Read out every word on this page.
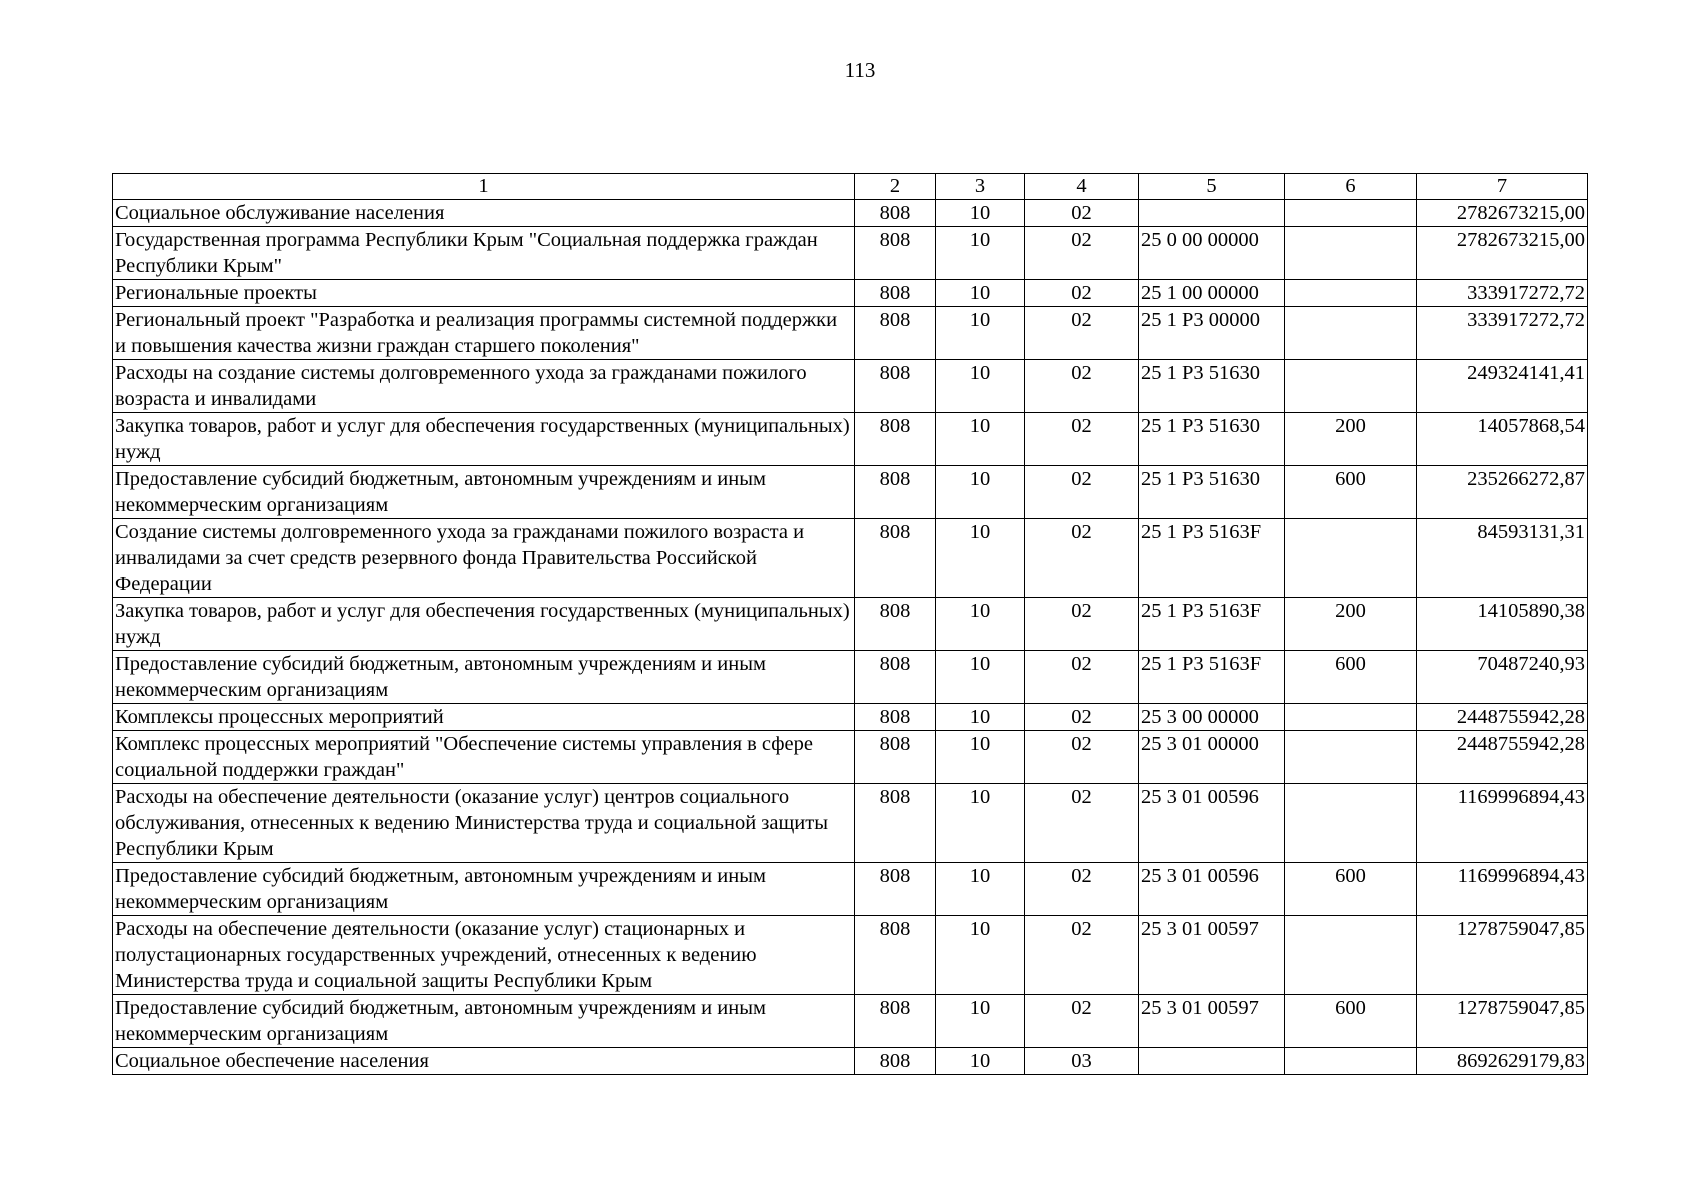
113
1	2	3	4	5	6	7
Социальное обслуживание населения	808	10	02			2782673215,00
Государственная программа Республики Крым "Социальная поддержка граждан Республики Крым"	808	10	02	25 0 00 00000		2782673215,00
Региональные проекты	808	10	02	25 1 00 00000		333917272,72
Региональный проект "Разработка и реализация программы системной поддержки и повышения качества жизни граждан старшего поколения"	808	10	02	25 1 Р3 00000		333917272,72
Расходы на создание системы долговременного ухода за гражданами пожилого возраста и инвалидами	808	10	02	25 1 Р3 51630		249324141,41
Закупка товаров, работ и услуг для обеспечения государственных (муниципальных) нужд	808	10	02	25 1 Р3 51630	200	14057868,54
Предоставление субсидий бюджетным, автономным учреждениям и иным некоммерческим организациям	808	10	02	25 1 Р3 51630	600	235266272,87
Создание системы долговременного ухода за гражданами пожилого возраста и инвалидами за счет средств резервного фонда Правительства Российской Федерации	808	10	02	25 1 Р3 5163F		84593131,31
Закупка товаров, работ и услуг для обеспечения государственных (муниципальных) нужд	808	10	02	25 1 Р3 5163F	200	14105890,38
Предоставление субсидий бюджетным, автономным учреждениям и иным некоммерческим организациям	808	10	02	25 1 Р3 5163F	600	70487240,93
Комплексы процессных мероприятий	808	10	02	25 3 00 00000		2448755942,28
Комплекс процессных мероприятий "Обеспечение системы управления в сфере социальной поддержки граждан"	808	10	02	25 3 01 00000		2448755942,28
Расходы на обеспечение деятельности (оказание услуг) центров социального обслуживания, отнесенных к ведению Министерства труда и социальной защиты Республики Крым	808	10	02	25 3 01 00596		1169996894,43
Предоставление субсидий бюджетным, автономным учреждениям и иным некоммерческим организациям	808	10	02	25 3 01 00596	600	1169996894,43
Расходы на обеспечение деятельности (оказание услуг) стационарных и полустационарных государственных учреждений, отнесенных к ведению Министерства труда и социальной защиты Республики Крым	808	10	02	25 3 01 00597		1278759047,85
Предоставление субсидий бюджетным, автономным учреждениям и иным некоммерческим организациям	808	10	02	25 3 01 00597	600	1278759047,85
Социальное обеспечение населения	808	10	03			8692629179,83
